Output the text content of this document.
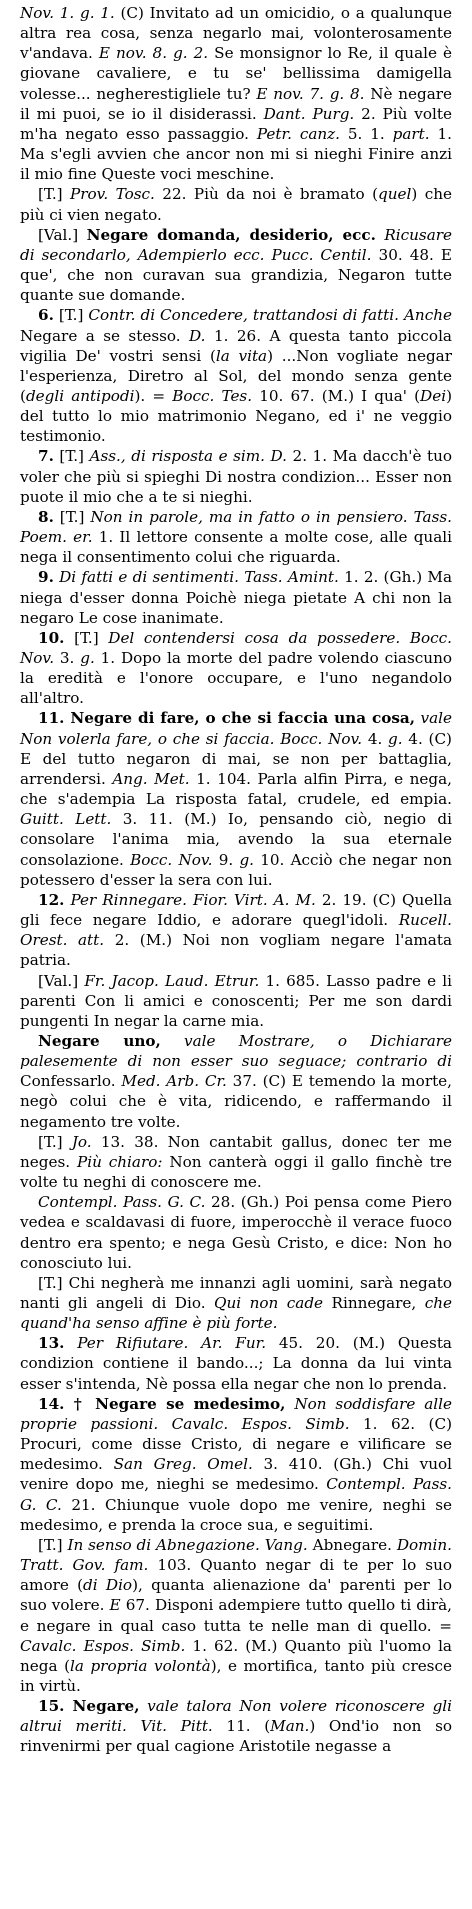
Nov. 1. g. 1. (C) Invitato ad un omicidio, o a qualunque altra rea cosa, senza negarlo mai, volonterosamente v'andava. E nov. 8. g. 2. Se monsignor lo Re, il quale è giovane cavaliere, e tu se' bellissima damigella volesse... negherestigliele tu? E nov. 7. g. 8. Nè negare il mi puoi, se io il disiderassi. Dant. Purg. 2. Più volte m'ha negato esso passaggio. Petr. canz. 5. 1. part. 1. Ma s'egli avvien che ancor non mi si nieghi Finire anzi il mio fine Queste voci meschine.

[T.] Prov. Tosc. 22. Più da noi è bramato (quel) che più ci vien negato.

[Val.] Negare domanda, desiderio, ecc. Ricusare di secondarlo, Adempierlo ecc. Pucc. Centil. 30. 48. E que', che non curavan sua grandizia, Negaron tutte quante sue domande.

6. [T.] Contr. di Concedere, trattandosi di fatti. Anche Negare a se stesso. D. 1. 26. A questa tanto piccola vigilia De' vostri sensi (la vita) ...Non vogliate negar l'esperienza, Diretro al Sol, del mondo senza gente (degli antipodi). = Bocc. Tes. 10. 67. (M.) I qua' (Dei) del tutto lo mio matrimonio Negano, ed i' ne veggio testimonio.

7. [T.] Ass., di risposta e sim. D. 2. 1. Ma dacch'è tuo voler che più si spieghi Di nostra condizion... Esser non puote il mio che a te si nieghi.

8. [T.] Non in parole, ma in fatto o in pensiero. Tass. Poem. er. 1. Il lettore consente a molte cose, alle quali nega il consentimento colui che riguarda.

9. Di fatti e di sentimenti. Tass. Amint. 1. 2. (Gh.) Ma niega d'esser donna Poichè niega pietate A chi non la negaro Le cose inanimate.

10. [T.] Del contendersi cosa da possedere. Bocc. Nov. 3. g. 1. Dopo la morte del padre volendo ciascuno la eredità e l'onore occupare, e l'uno negandolo all'altro.

11. Negare di fare, o che si faccia una cosa, vale Non volerla fare, o che si faccia. Bocc. Nov. 4. g. 4. (C) E del tutto negaron di mai, se non per battaglia, arrendersi. Ang. Met. 1. 104. Parla alfin Pirra, e nega, che s'adempia La risposta fatal, crudele, ed empia. Guitt. Lett. 3. 11. (M.) Io, pensando ciò, negio di consolare l'anima mia, avendo la sua eternale consolazione. Bocc. Nov. 9. g. 10. Acciò che negar non potessero d'esser la sera con lui.

12. Per Rinnegare. Fior. Virt. A. M. 2. 19. (C) Quella gli fece negare Iddio, e adorare quegl'idoli. Rucell. Orest. att. 2. (M.) Noi non vogliam negare l'amata patria.

[Val.] Fr. Jacop. Laud. Etrur. 1. 685. Lasso padre e li parenti Con li amici e conoscenti; Per me son dardi pungenti In negar la carne mia.

Negare uno, vale Mostrare, o Dichiarare palesemente di non esser suo seguace; contrario di Confessarlo. Med. Arb. Cr. 37. (C) E temendo la morte, negò colui che è vita, ridicendo, e raffermando il negamento tre volte.

[T.] Jo. 13. 38. Non cantabit gallus, donec ter me neges. Più chiaro: Non canterà oggi il gallo finchè tre volte tu neghi di conoscere me.

Contempl. Pass. G. C. 28. (Gh.) Poi pensa come Piero vedea e scaldavasi di fuore, imperocchè il verace fuoco dentro era spento; e nega Gesù Cristo, e dice: Non ho conosciuto lui.

[T.] Chi negherà me innanzi agli uomini, sarà negato nanti gli angeli di Dio. Qui non cade Rinnegare, che quand'ha senso affine è più forte.

13. Per Rifiutare. Ar. Fur. 45. 20. (M.) Questa condizion contiene il bando...; La donna da lui vinta esser s'intenda, Nè possa ella negar che non lo prenda.

14. † Negare se medesimo, Non soddisfare alle proprie passioni. Cavalc. Espos. Simb. 1. 62. (C) Procuri, come disse Cristo, di negare e vilificare se medesimo. San Greg. Omel. 3. 410. (Gh.) Chi vuol venire dopo me, nieghi se medesimo. Contempl. Pass. G. C. 21. Chiunque vuole dopo me venire, neghi se medesimo, e prenda la croce sua, e seguitimi.

[T.] In senso di Abnegazione. Vang. Abnegare. Domin. Tratt. Gov. fam. 103. Quanto negar di te per lo suo amore (di Dio), quanta alienazione da' parenti per lo suo volere. E 67. Disponi adempiere tutto quello ti dirà, e negare in qual caso tutta te nelle man di quello. = Cavalc. Espos. Simb. 1. 62. (M.) Quanto più l'uomo la nega (la propria volontà), e mortifica, tanto più cresce in virtù.

15. Negare, vale talora Non volere riconoscere gli altrui meriti. Vit. Pitt. 11. (Man.) Ond'io non so rinvenirmi per qual cagione Aristotile negasse a
